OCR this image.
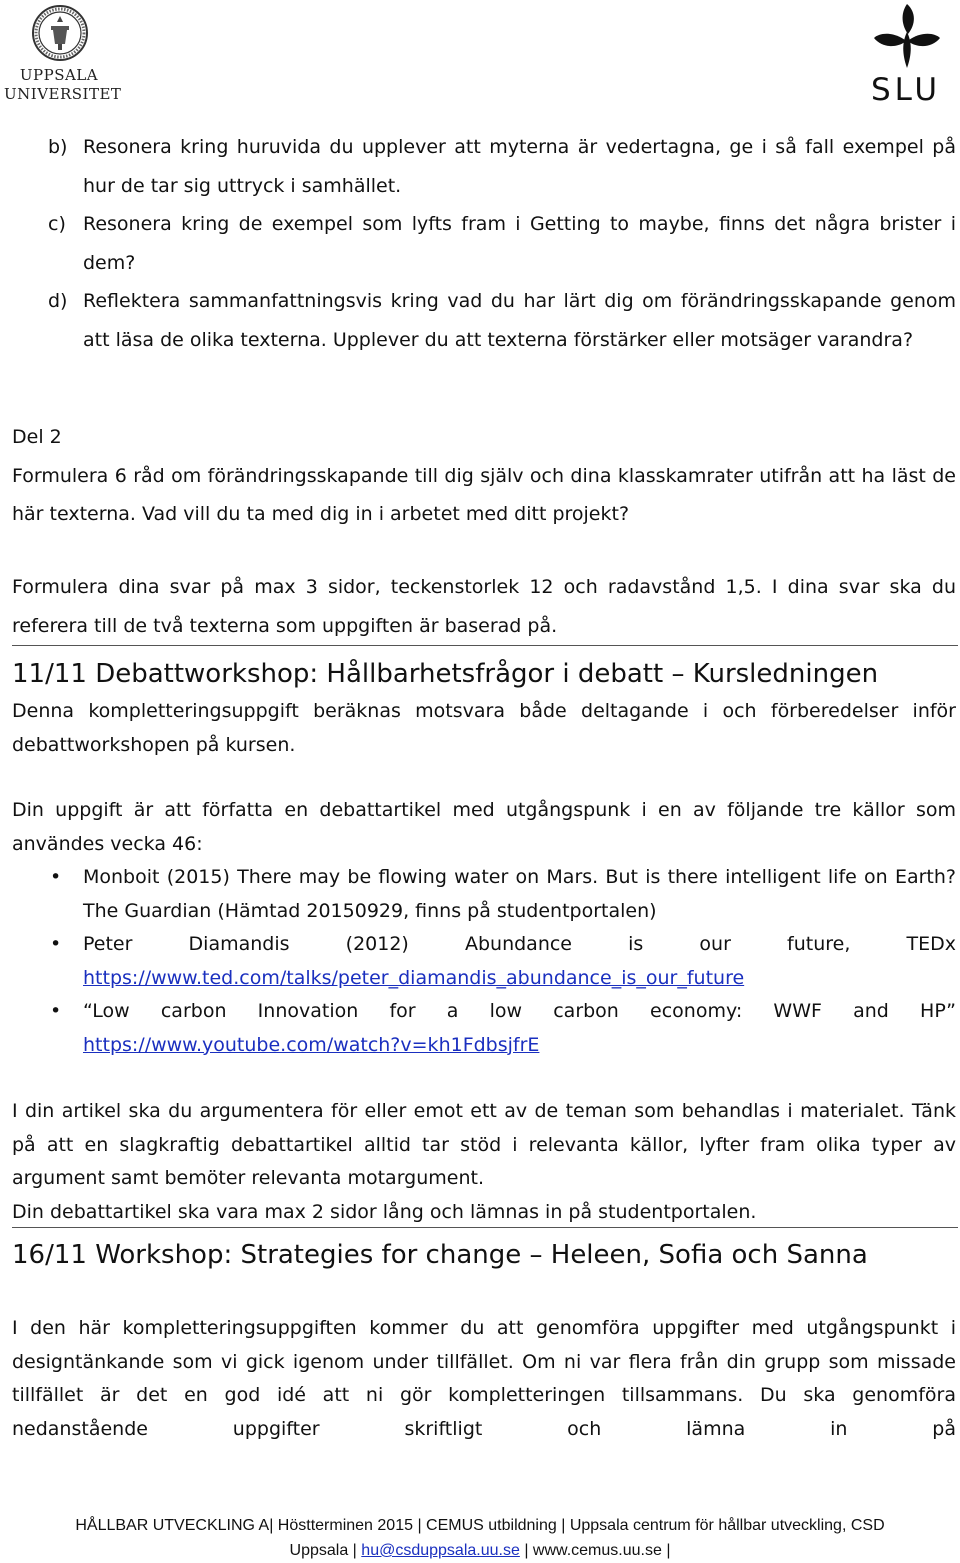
UPPSALA
UNIVERSITET	SLU
b) Resonera kring huruvida du upplever att myterna är vedertagna, ge i så fall exempel på hur de tar sig uttryck i samhället.
c) Resonera kring de exempel som lyfts fram i Getting to maybe, finns det några brister i dem?
d) Reflektera sammanfattningsvis kring vad du har lärt dig om förändringsskapande genom att läsa de olika texterna. Upplever du att texterna förstärker eller motsäger varandra?
Del 2
Formulera 6 råd om förändringsskapande till dig själv och dina klasskamrater utifrån att ha läst de här texterna. Vad vill du ta med dig in i arbetet med ditt projekt?
Formulera dina svar på max 3 sidor, teckenstorlek 12 och radavstånd 1,5. I dina svar ska du referera till de två texterna som uppgiften är baserad på.
11/11 Debattworkshop: Hållbarhetsfrågor i debatt – Kursledningen
Denna kompletteringsuppgift beräknas motsvara både deltagande i och förberedelser inför debattworkshopen på kursen.
Din uppgift är att författa en debattartikel med utgångspunk i en av följande tre källor som användes vecka 46:
• Monboit (2015) There may be flowing water on Mars. But is there intelligent life on Earth? The Guardian (Hämtad 20150929, finns på studentportalen)
• Peter Diamandis (2012) Abundance is our future, TEDx
https://www.ted.com/talks/peter_diamandis_abundance_is_our_future
• “Low carbon Innovation for a low carbon economy: WWF and HP”
https://www.youtube.com/watch?v=kh1FdbsjfrE
I din artikel ska du argumentera för eller emot ett av de teman som behandlas i materialet. Tänk på att en slagkraftig debattartikel alltid tar stöd i relevanta källor, lyfter fram olika typer av argument samt bemöter relevanta motargument.
Din debattartikel ska vara max 2 sidor lång och lämnas in på studentportalen.
16/11 Workshop: Strategies for change – Heleen, Sofia och Sanna
I den här kompletteringsuppgiften kommer du att genomföra uppgifter med utgångspunkt i designtänkande som vi gick igenom under tillfället. Om ni var flera från din grupp som missade tillfället är det en god idé att ni gör kompletteringen tillsammans. Du ska genomföra nedanstående uppgifter skriftligt och lämna in på
HÅLLBAR UTVECKLING A| Höstterminen 2015 | CEMUS utbildning | Uppsala centrum för hållbar utveckling, CSD
Uppsala | hu@csduppsala.uu.se | www.cemus.uu.se |
